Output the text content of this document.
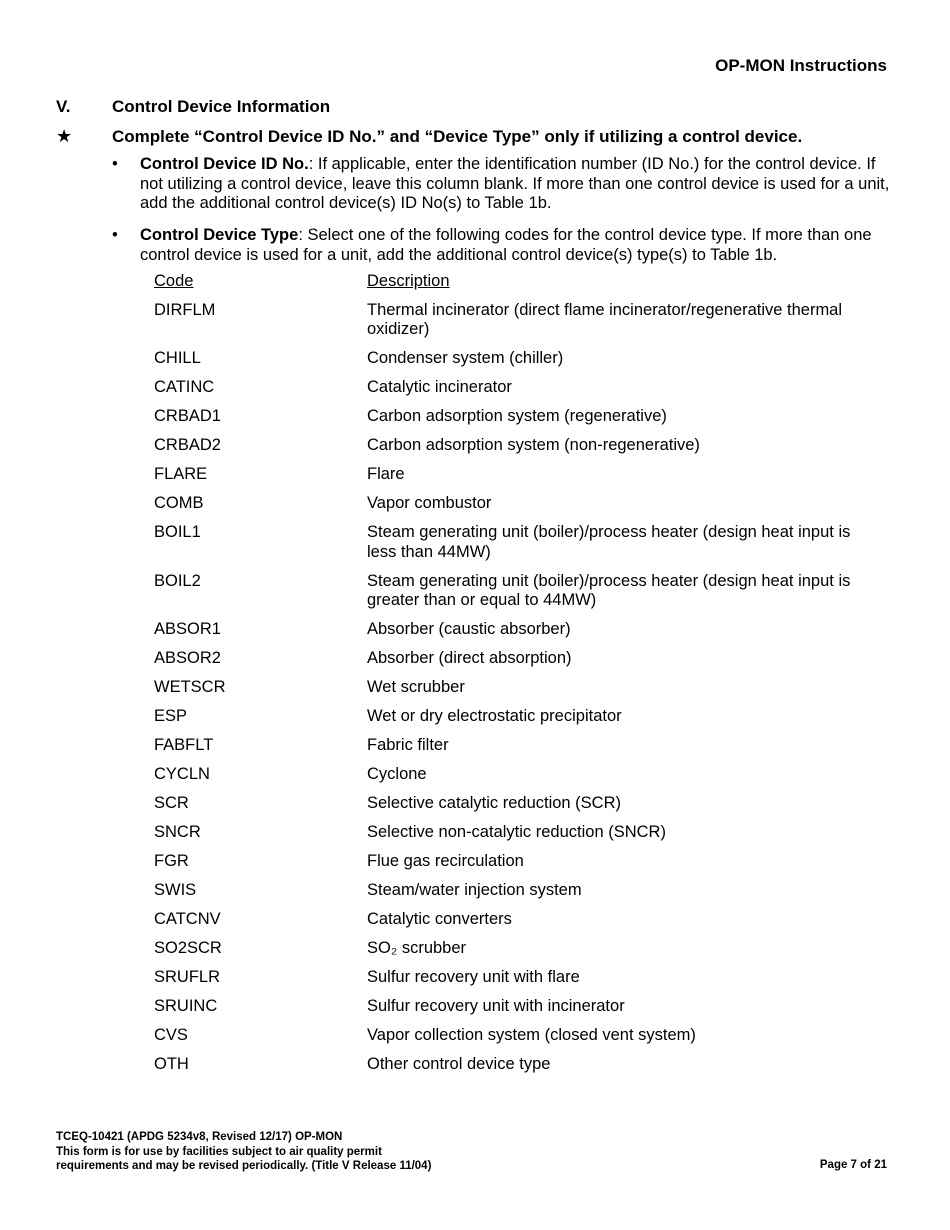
OP-MON Instructions
V. Control Device Information
★ Complete “Control Device ID No.” and “Device Type” only if utilizing a control device.
• Control Device ID No.: If applicable, enter the identification number (ID No.) for the control device. If not utilizing a control device, leave this column blank. If more than one control device is used for a unit, add the additional control device(s) ID No(s) to Table 1b.
• Control Device Type: Select one of the following codes for the control device type. If more than one control device is used for a unit, add the additional control device(s) type(s) to Table 1b.
Code	Description
DIRFLM	Thermal incinerator (direct flame incinerator/regenerative thermal oxidizer)
CHILL	Condenser system (chiller)
CATINC	Catalytic incinerator
CRBAD1	Carbon adsorption system (regenerative)
CRBAD2	Carbon adsorption system (non-regenerative)
FLARE	Flare
COMB	Vapor combustor
BOIL1	Steam generating unit (boiler)/process heater (design heat input is less than 44MW)
BOIL2	Steam generating unit (boiler)/process heater (design heat input is greater than or equal to 44MW)
ABSOR1	Absorber (caustic absorber)
ABSOR2	Absorber (direct absorption)
WETSCR	Wet scrubber
ESP	Wet or dry electrostatic precipitator
FABFLT	Fabric filter
CYCLN	Cyclone
SCR	Selective catalytic reduction (SCR)
SNCR	Selective non-catalytic reduction (SNCR)
FGR	Flue gas recirculation
SWIS	Steam/water injection system
CATCNV	Catalytic converters
SO2SCR	SO₂ scrubber
SRUFLR	Sulfur recovery unit with flare
SRUINC	Sulfur recovery unit with incinerator
CVS	Vapor collection system (closed vent system)
OTH	Other control device type
TCEQ-10421 (APDG 5234v8, Revised 12/17) OP-MON
This form is for use by facilities subject to air quality permit
requirements and may be revised periodically. (Title V Release 11/04)	Page 7 of 21
